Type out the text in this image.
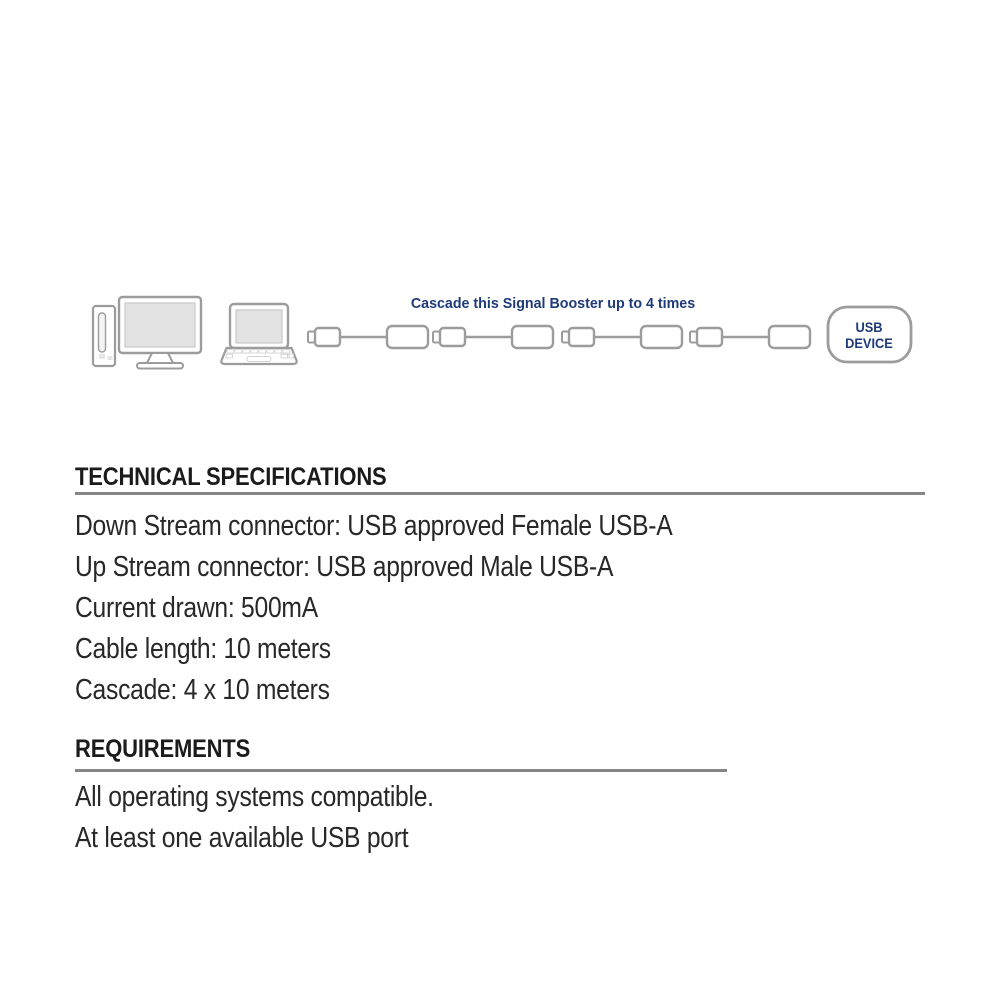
Cascade this Signal Booster up to 4 times
USB
DEVICE
TECHNICAL SPECIFICATIONS
Down Stream connector: USB approved Female USB-A
Up Stream connector: USB approved Male USB-A
Current drawn: 500mA
Cable length: 10 meters
Cascade: 4 x 10 meters
REQUIREMENTS
All operating systems compatible.
At least one available USB port
